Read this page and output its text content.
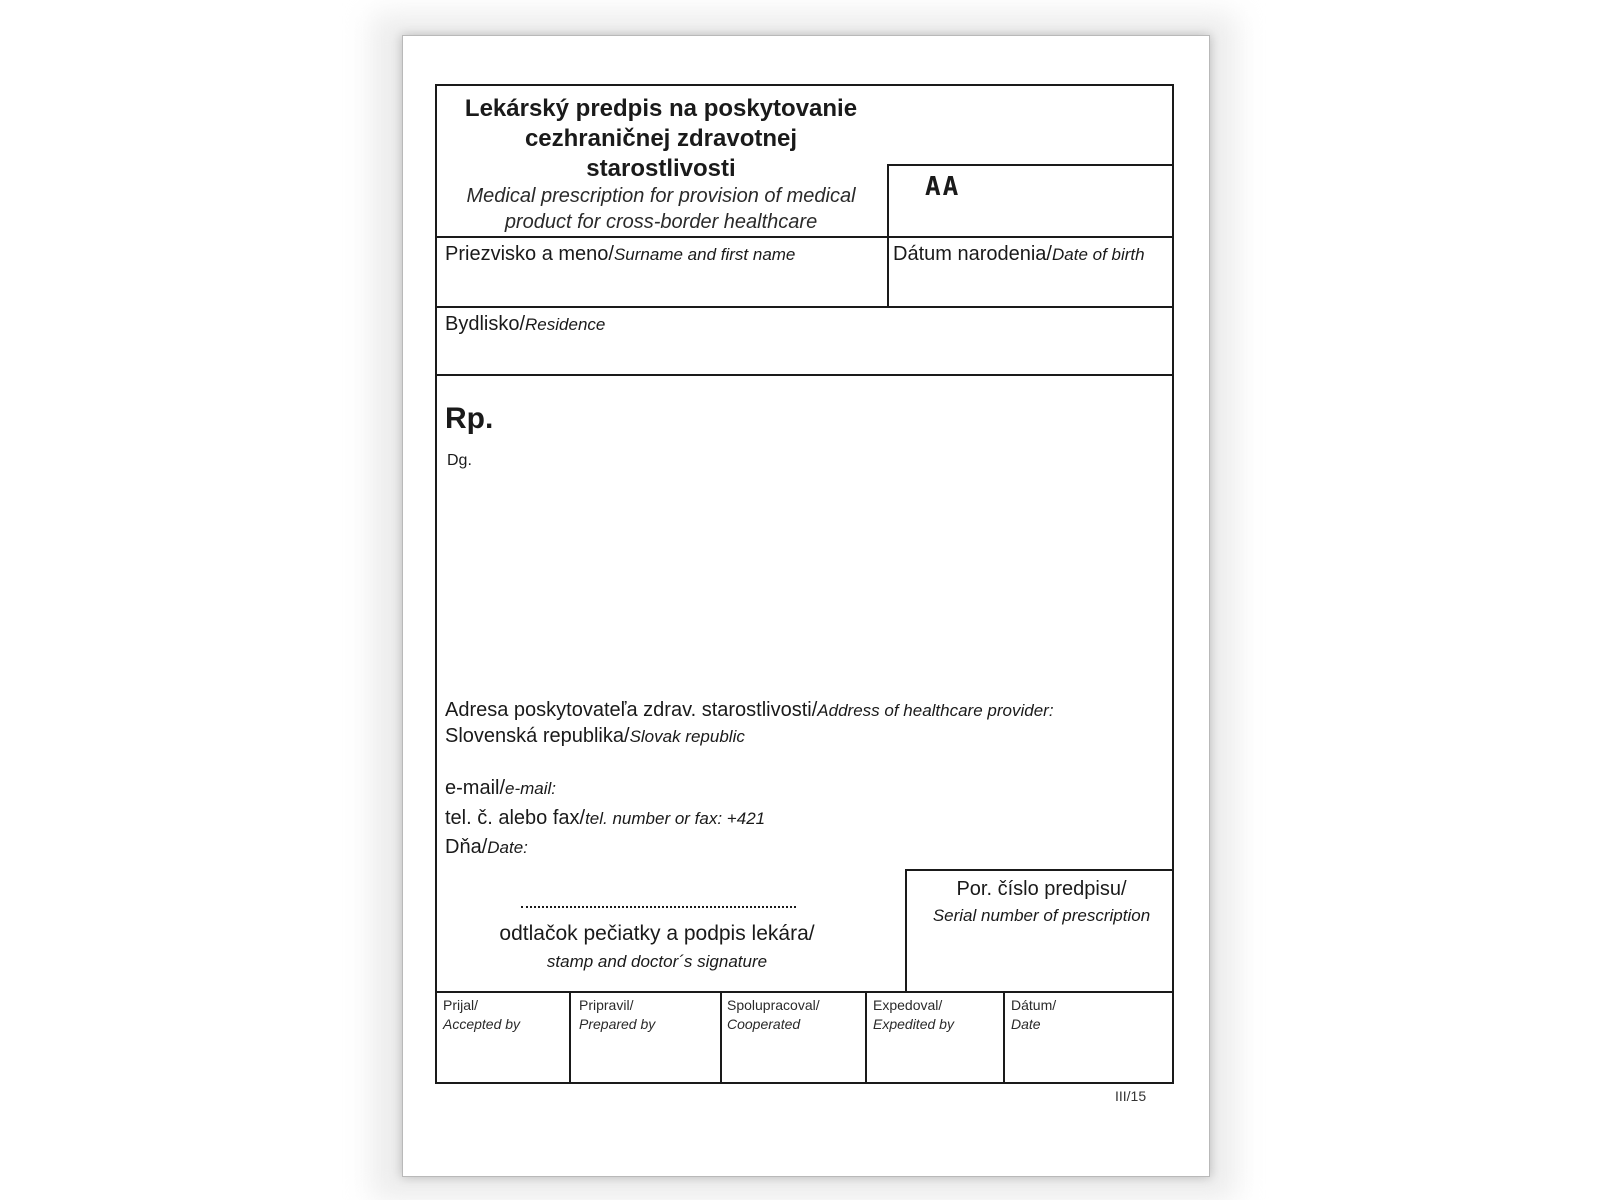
Lekárský predpis na poskytovanie
cezhraničnej zdravotnej
starostlivosti
Medical prescription for provision of medical
product for cross-border healthcare
AA
Priezvisko a meno/Surname and first name	Dátum narodenia/Date of birth
Bydlisko/Residence
Rp.
Dg.
Adresa poskytovateľa zdrav. starostlivosti/Address of healthcare provider:
Slovenská republika/Slovak republic
e-mail/e-mail:
tel. č. alebo fax/tel. number or fax: +421
Dňa/Date:
odtlačok pečiatky a podpis lekára/
stamp and doctor´s signature
Por. číslo predpisu/
Serial number of prescription
Prijal/
Accepted by
Pripravil/
Prepared by
Spolupracoval/
Cooperated
Expedoval/
Expedited by
Dátum/
Date
III/15
